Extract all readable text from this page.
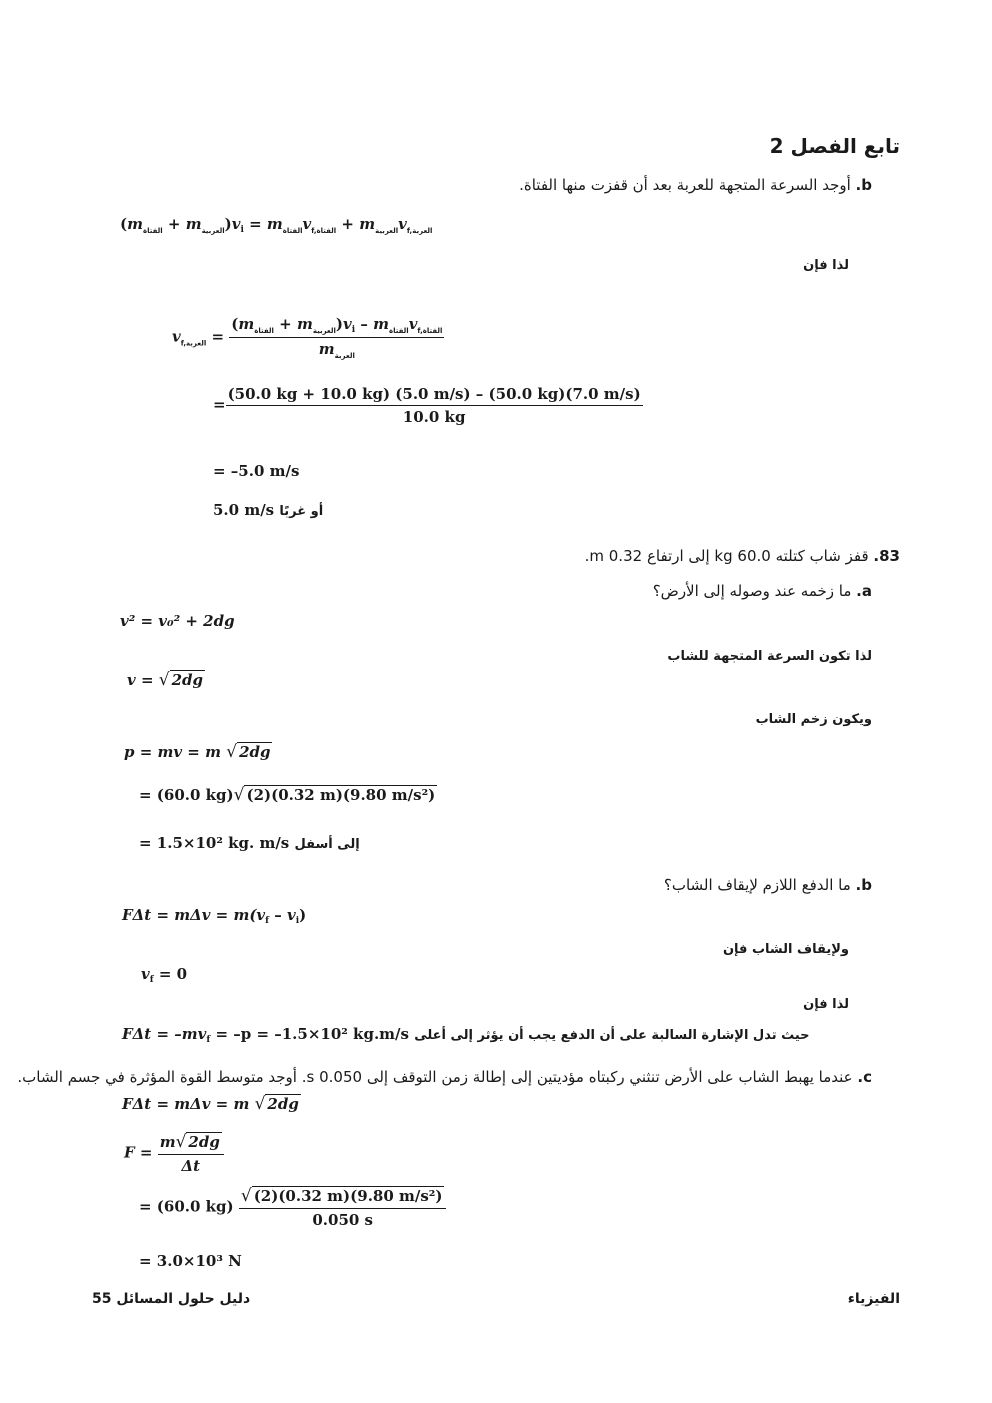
تابع الفصل 2
b. أوجد السرعة المتجهة للعربة بعد أن قفزت منها الفتاة.
$(m_{الفتاة} + m_{العربية})v_i = m_{الفتاة}v_{f,الفتاة} + m_{العربية}v_{f,العربة}$
لذا فإن
$v_{f,العربة} = \frac{(m_{الفتاة} + m_{العربية})v_i - m_{الفتاة}v_{f,الفتاة}}{m_{العربة}}$
= $\frac{(50.0 kg + 10.0 kg) (5.0 m/s) - (50.0 kg)(7.0 m/s)}{10.0 kg}$
= –5.0 m/s
5.0 m/s أو غربًا
83. قفز شاب كتلته 60.0 kg إلى ارتفاع 0.32 m.
a. ما زخمه عند وصوله إلى الأرض؟
v² = v₀² + 2dg
لذا تكون السرعة المتجهة للشاب
v = √ 2dg
ويكون زخم الشاب
p = mv = m √ 2dg
= (60.0 kg)√ (2)(0.32 m)(9.80 m/s²)
= 1.5×10² kg. m/s إلى أسفل
b. ما الدفع اللازم لإيقاف الشاب؟
$F\Delta t = m\Delta v = m(v_f - v_i)$
ولإيقاف الشاب فإن
$v_f = 0$
لذا فإن
$F\Delta t = -mv_f = -p = -1.5\times 10^2$ kg.m/s حيث تدل الإشارة السالبة على أن الدفع يجب أن يؤثر إلى أعلى
c. عندما يهبط الشاب على الأرض تنثني ركبتاه مؤديتين إلى إطالة زمن التوقف إلى 0.050 s. أوجد متوسط القوة المؤثرة في جسم الشاب.
FΔt = mΔv = m √ 2dg
$F = \frac{m√ 2dg}{\Delta t}$
= (60.0 $kg) \frac{\text{√ (2)(0.32 m)(9.80 m/s²)}}{0.050 s}$
= 3.0×10³ N
الفيزياء
55 دليل حلول المسائل
